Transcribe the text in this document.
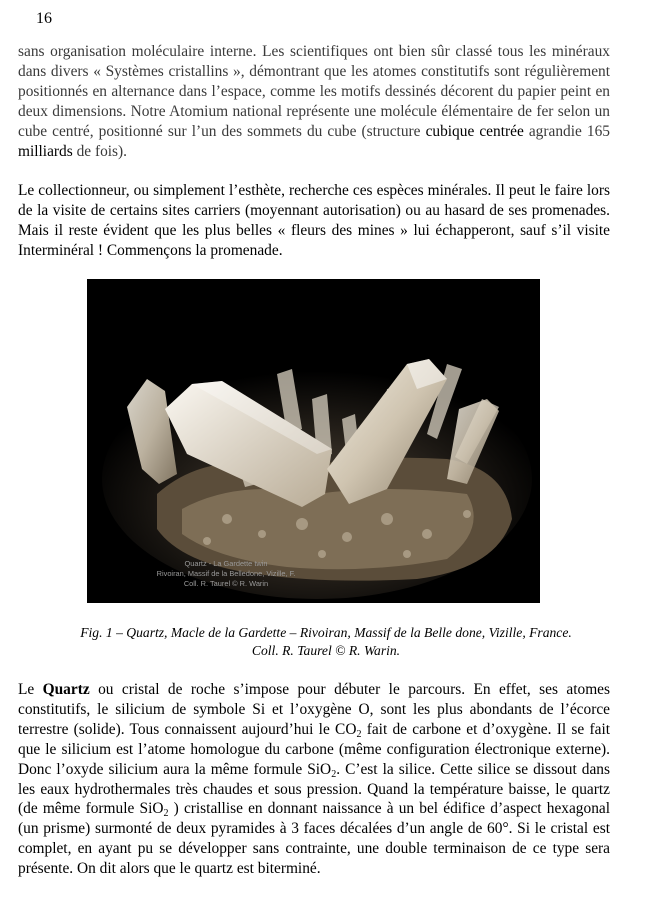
16

sans organisation moléculaire interne. Les scientifiques ont bien sûr classé tous les minéraux dans divers « Systèmes cristallins », démontrant que les atomes constitutifs sont régulièrement positionnés en alternance dans l’espace, comme les motifs dessinés décorent du papier peint en deux dimensions. Notre Atomium national représente une molécule élémentaire de fer selon un cube centré, positionné sur l’un des sommets du cube (structure cubique centrée agrandie 165 milliards de fois).

Le collectionneur, ou simplement l’esthète, recherche ces espèces minérales. Il peut le faire lors de la visite de certains sites carriers (moyennant autorisation) ou au hasard de ses promenades. Mais il reste évident que les plus belles « fleurs des mines » lui échapperont, sauf s’il visite Interminéral ! Commençons la promenade.

Quartz - La Gardette twin
Rivoiran, Massif de la Belledone, Vizille, F.
Coll. R. Taurel © R. Warin

Fig. 1 – Quartz, Macle de la Gardette – Rivoiran, Massif de la Belle done, Vizille, France.
Coll. R. Taurel © R. Warin.

Le Quartz ou cristal de roche s’impose pour débuter le parcours. En effet, ses atomes constitutifs, le silicium de symbole Si et l’oxygène O, sont les plus abondants de l’écorce terrestre (solide). Tous connaissent aujourd’hui le $CO_2$ fait de carbone et d’oxygène. Il se fait que le silicium est l’atome homologue du carbone (même configuration électronique externe). Donc l’oxyde silicium aura la même formule SiO$_2$. C’est la silice. Cette silice se dissout dans les eaux hydrothermales très chaudes et sous pression. Quand la température baisse, le quartz (de même formule SiO$_2$ ) cristallise en donnant naissance à un bel édifice d’aspect hexagonal (un prisme) surmonté de deux pyramides à 3 faces décalées d’un angle de 60°. Si le cristal est complet, en ayant pu se développer sans contrainte, une double terminaison de ce type sera présente. On dit alors que le quartz est biterminé.
